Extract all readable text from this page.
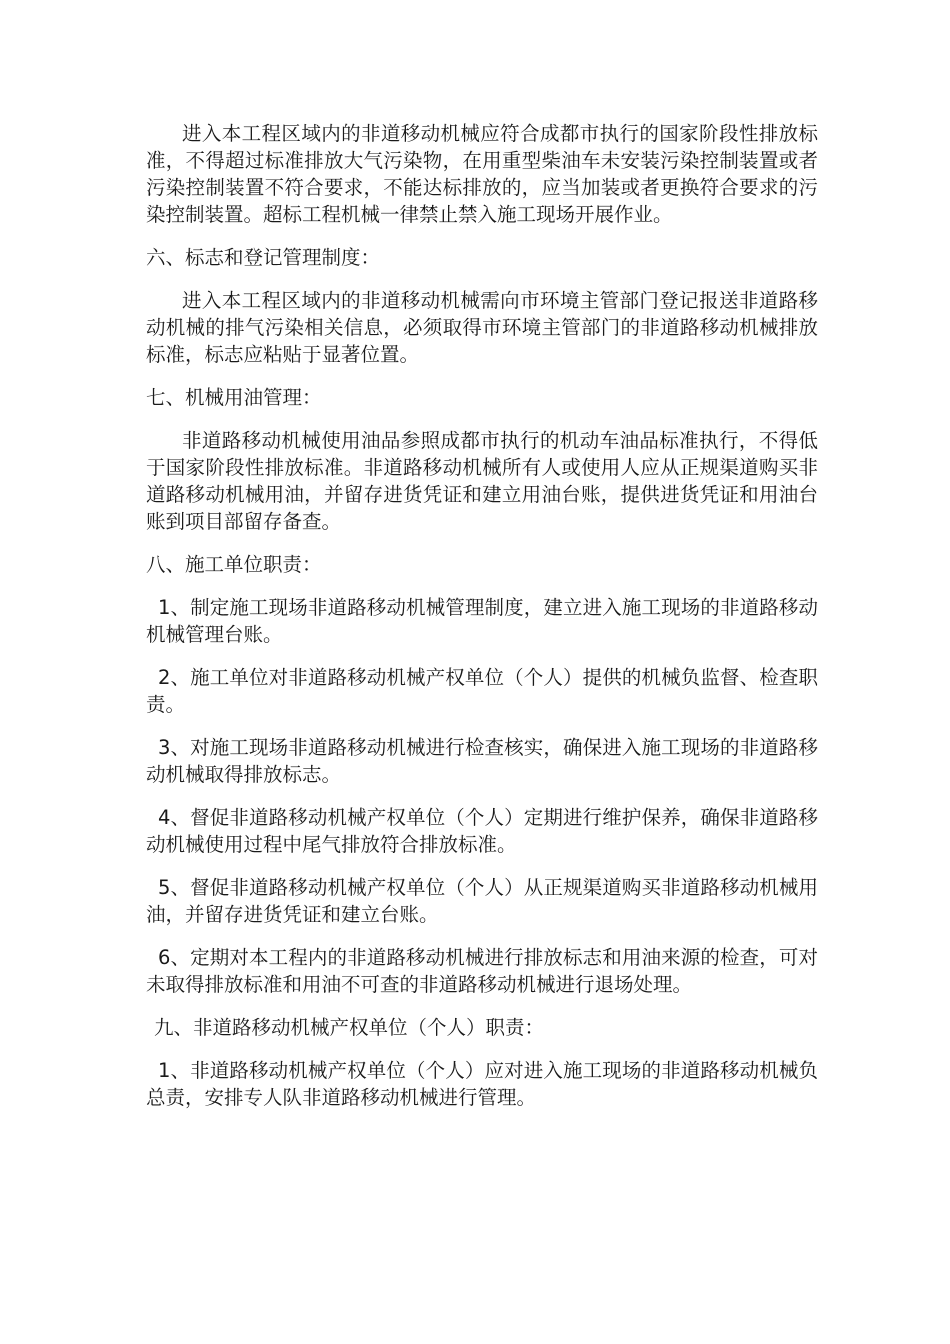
进入本工程区域内的非道移动机械应符合成都市执行的国家阶段性排放标准，不得超过标准排放大气污染物，在用重型柴油车未安装污染控制装置或者污染控制装置不符合要求，不能达标排放的，应当加装或者更换符合要求的污染控制装置。超标工程机械一律禁止禁入施工现场开展作业。

六、标志和登记管理制度：

进入本工程区域内的非道移动机械需向市环境主管部门登记报送非道路移动机械的排气污染相关信息，必须取得市环境主管部门的非道路移动机械排放标准，标志应粘贴于显著位置。

七、机械用油管理：

非道路移动机械使用油品参照成都市执行的机动车油品标准执行，不得低于国家阶段性排放标准。非道路移动机械所有人或使用人应从正规渠道购买非道路移动机械用油，并留存进货凭证和建立用油台账，提供进货凭证和用油台账到项目部留存备查。

八、施工单位职责：

1、制定施工现场非道路移动机械管理制度，建立进入施工现场的非道路移动机械管理台账。

2、施工单位对非道路移动机械产权单位（个人）提供的机械负监督、检查职责。

3、对施工现场非道路移动机械进行检查核实，确保进入施工现场的非道路移动机械取得排放标志。

4、督促非道路移动机械产权单位（个人）定期进行维护保养，确保非道路移动机械使用过程中尾气排放符合排放标准。

5、督促非道路移动机械产权单位（个人）从正规渠道购买非道路移动机械用油，并留存进货凭证和建立台账。

6、定期对本工程内的非道路移动机械进行排放标志和用油来源的检查，可对未取得排放标准和用油不可查的非道路移动机械进行退场处理。

九、非道路移动机械产权单位（个人）职责：

1、非道路移动机械产权单位（个人）应对进入施工现场的非道路移动机械负总责，安排专人队非道路移动机械进行管理。
